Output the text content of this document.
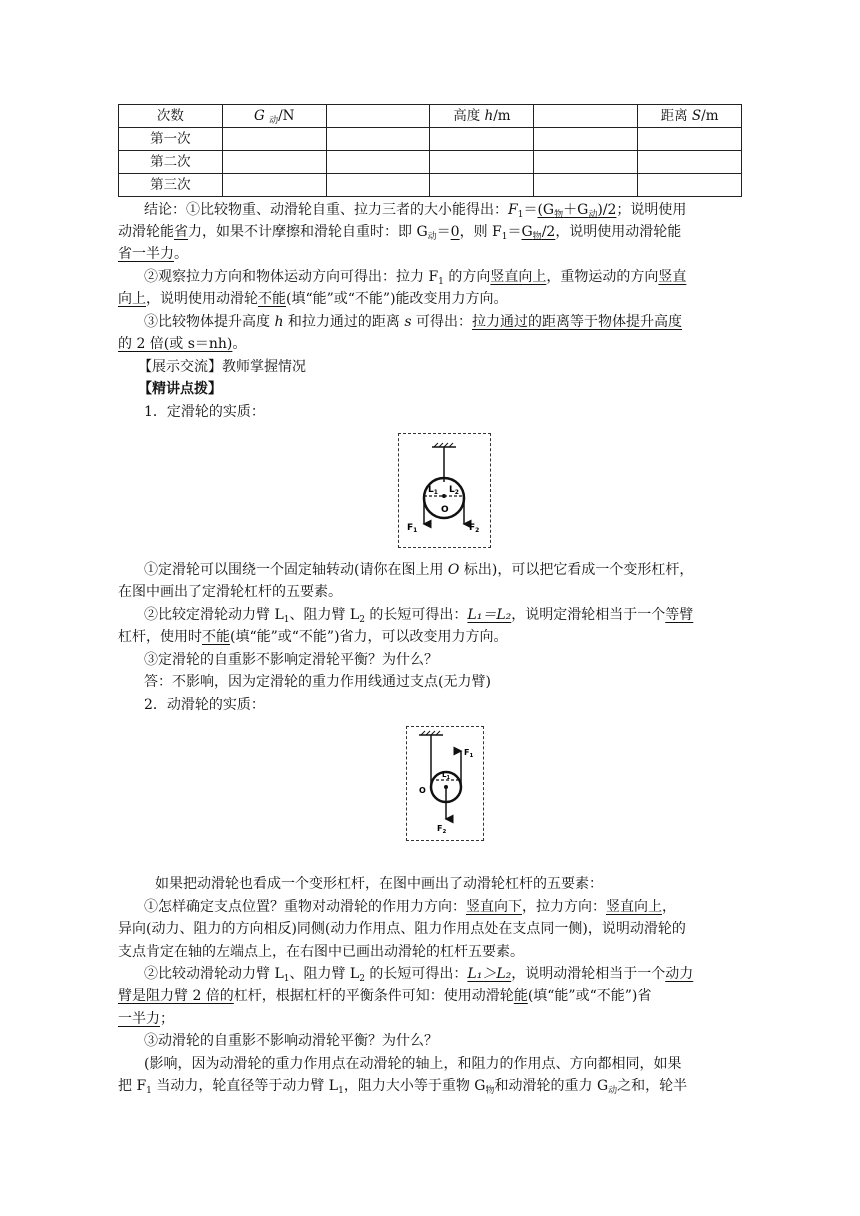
次数	G $_动$/N		高度 h/m		距离 S/m
第一次					
第二次					
第三次					
结论：①比较物重、动滑轮自重、拉力三者的大小能得出：$F_1=(G_物+G_动)/2$；说明使用
动滑轮能省力，如果不计摩擦和滑轮自重时：即 $G_动=0$，则 $F_1=G_物/2$，说明使用动滑轮能
省一半力。
②观察拉力方向和物体运动方向可得出：拉力 $F_1$ 的方向竖直向上，重物运动的方向竖直
向上，说明使用动滑轮不能(填“能”或“不能”)能改变用力方向。
③比较物体提升高度 h 和拉力通过的距离 s 可得出：拉力通过的距离等于物体提升高度
的 2 倍(或 s＝nh)。
【展示交流】教师掌握情况
【精讲点拨】
1．定滑轮的实质：
$L_1$ $L_2$
O
$F_1$	$F_2$
①定滑轮可以围绕一个固定轴转动(请你在图上用 O 标出)，可以把它看成一个变形杠杆，
在图中画出了定滑轮杠杆的五要素。
②比较定滑轮动力臂 $L_1$、阻力臂 $L_2$ 的长短可得出：L₁＝L₂，说明定滑轮相当于一个等臂
杠杆，使用时不能(填“能”或“不能”)省力，可以改变用力方向。
③定滑轮的自重影不影响定滑轮平衡？为什么？
答：不影响，因为定滑轮的重力作用线通过支点(无力臂)
2．动滑轮的实质：
$F_1$
$L_1$
O
$F_2$
如果把动滑轮也看成一个变形杠杆，在图中画出了动滑轮杠杆的五要素：
①怎样确定支点位置？重物对动滑轮的作用力方向：竖直向下，拉力方向：竖直向上，
异向(动力、阻力的方向相反)同侧(动力作用点、阻力作用点处在支点同一侧)，说明动滑轮的
支点肯定在轴的左端点上，在右图中已画出动滑轮的杠杆五要素。
②比较动滑轮动力臂 $L_1$、阻力臂 $L_2$ 的长短可得出：L₁＞L₂，说明动滑轮相当于一个动力
臂是阻力臂 2 倍的杠杆，根据杠杆的平衡条件可知：使用动滑轮能(填“能”或“不能”)省
一半力；
③动滑轮的自重影不影响动滑轮平衡？为什么？
(影响，因为动滑轮的重力作用点在动滑轮的轴上，和阻力的作用点、方向都相同，如果
把 $F_1$ 当动力，轮直径等于动力臂 $L_1$，阻力大小等于重物 $G_物$和动滑轮的重力 $G_动$之和，轮半
